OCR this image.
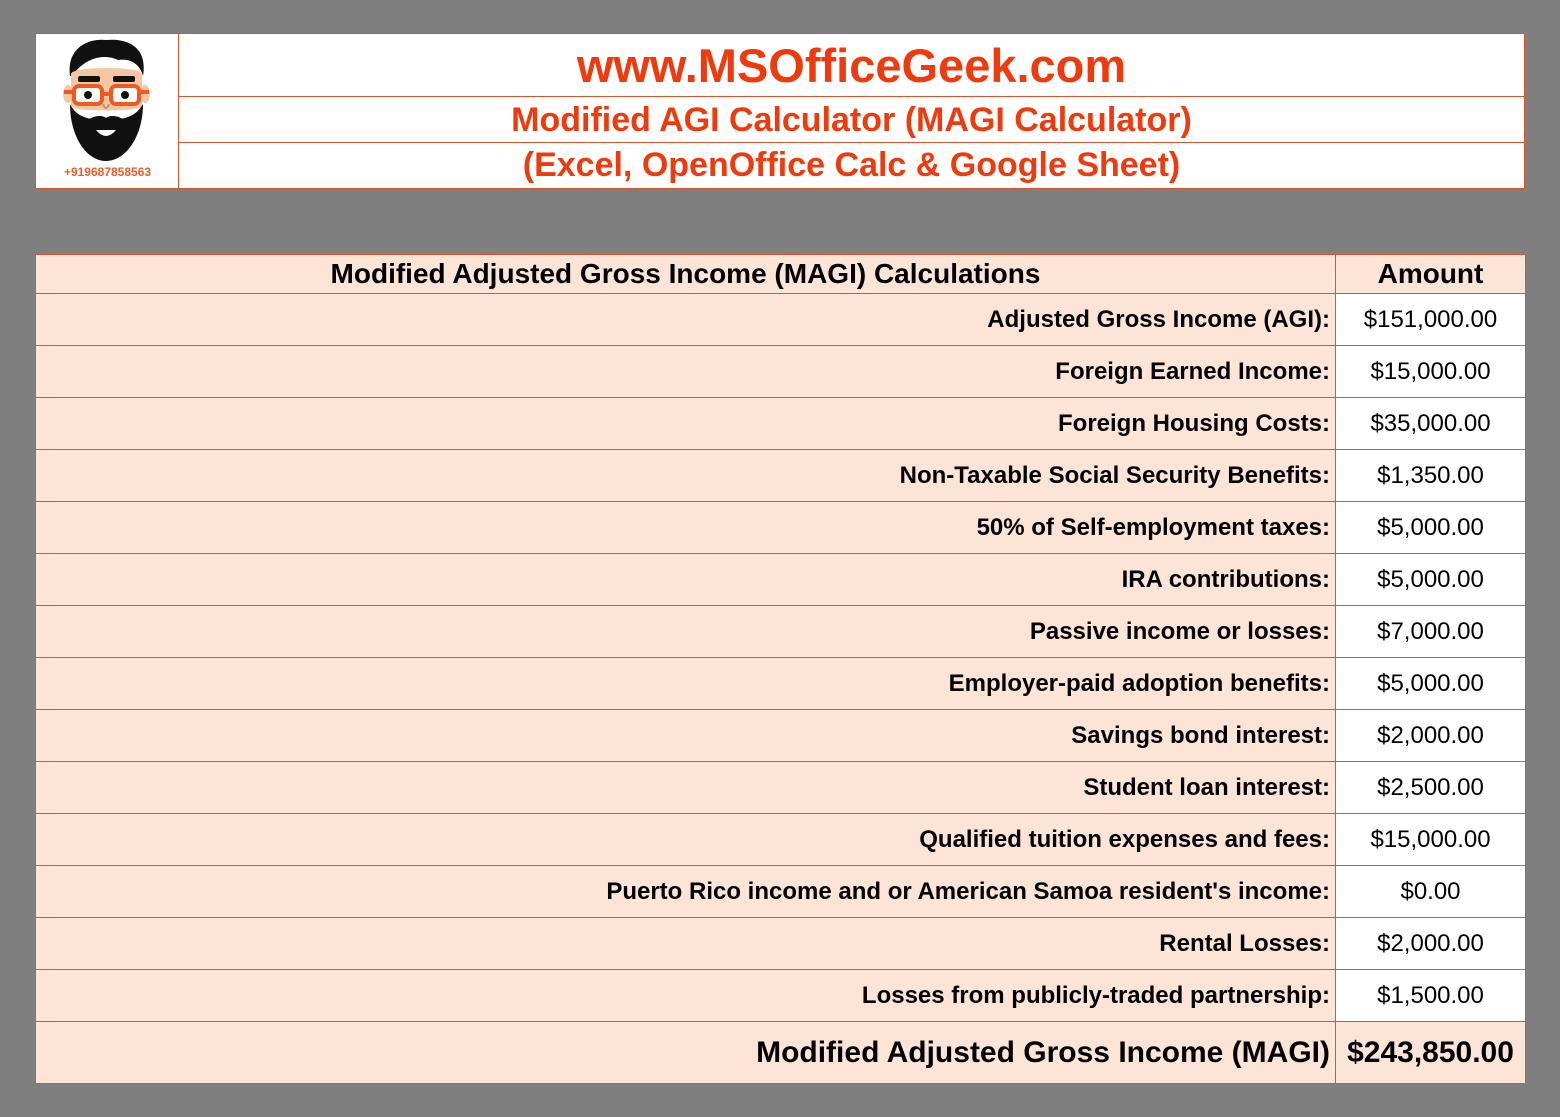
+919687858563
www.MSOfficeGeek.com
Modified AGI Calculator (MAGI Calculator)
(Excel, OpenOffice Calc & Google Sheet)
Modified Adjusted Gross Income (MAGI) Calculations	Amount
Adjusted Gross Income (AGI):	$151,000.00
Foreign Earned Income:	$15,000.00
Foreign Housing Costs:	$35,000.00
Non-Taxable Social Security Benefits:	$1,350.00
50% of Self-employment taxes:	$5,000.00
IRA contributions:	$5,000.00
Passive income or losses:	$7,000.00
Employer-paid adoption benefits:	$5,000.00
Savings bond interest:	$2,000.00
Student loan interest:	$2,500.00
Qualified tuition expenses and fees:	$15,000.00
Puerto Rico income and or American Samoa resident's income:	$0.00
Rental Losses:	$2,000.00
Losses from publicly-traded partnership:	$1,500.00
Modified Adjusted Gross Income (MAGI)	$243,850.00
